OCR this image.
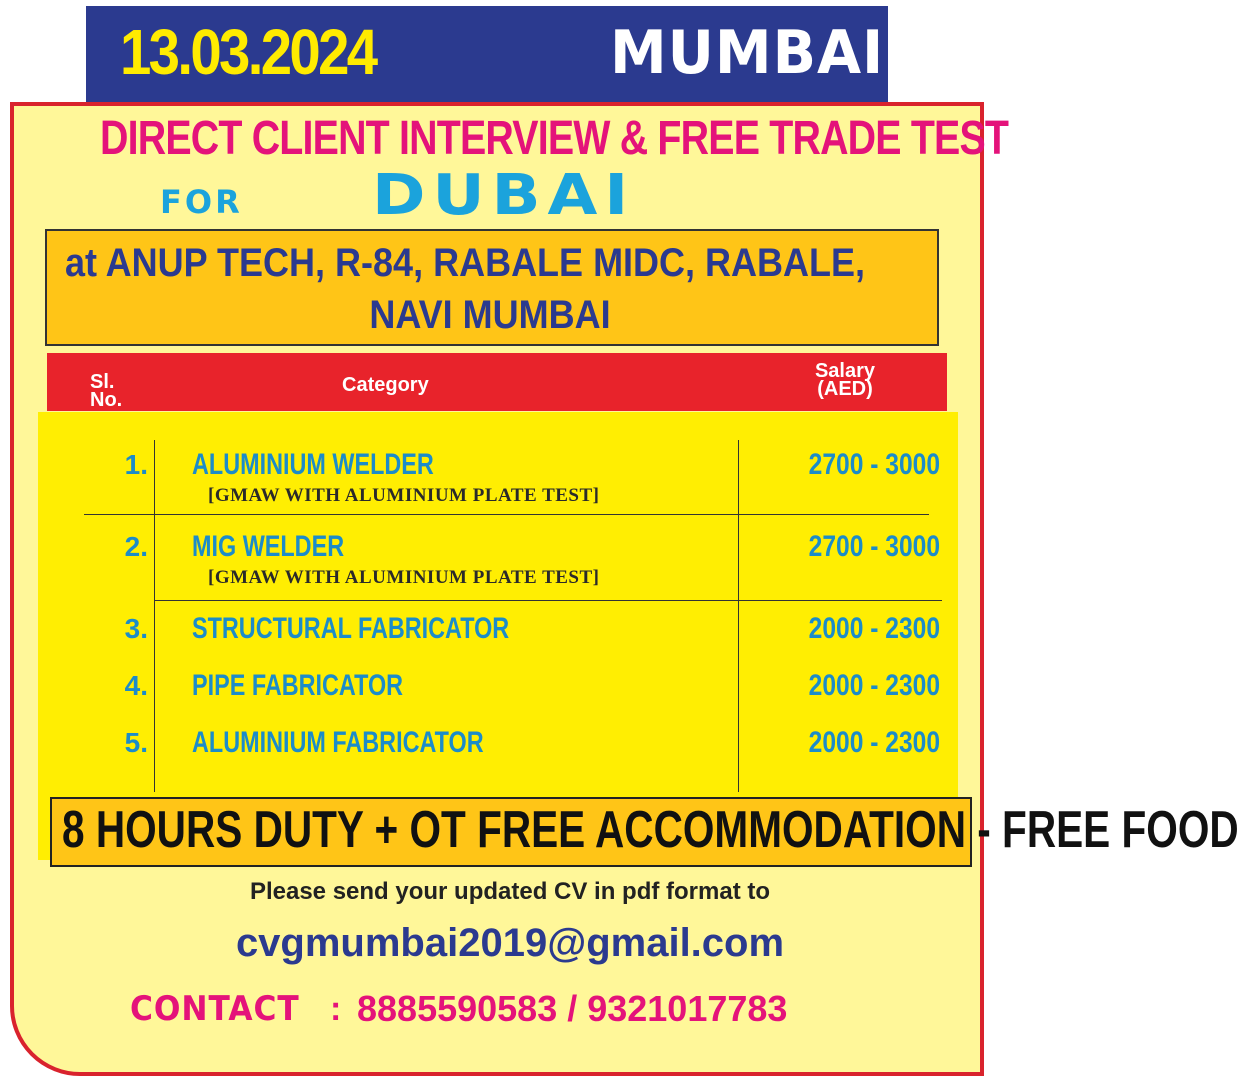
13.03.2024	MUMBAI
DIRECT CLIENT INTERVIEW & FREE TRADE TEST
FOR DUBAI
at ANUP TECH, R-84, RABALE MIDC, RABALE,
NAVI MUMBAI
Sl. No.
Category
Salary (AED)
1. ALUMINIUM WELDER	2700 - 3000
[GMAW WITH ALUMINIUM PLATE TEST]
2. MIG WELDER	2700 - 3000
[GMAW WITH ALUMINIUM PLATE TEST]
3. STRUCTURAL FABRICATOR	2000 - 2300
4. PIPE FABRICATOR	2000 - 2300
5. ALUMINIUM FABRICATOR	2000 - 2300
8 HOURS DUTY + OT FREE ACCOMMODATION - FREE FOOD
Please send your updated CV in pdf format to
cvgmumbai2019@gmail.com
CONTACT : 8885590583 / 9321017783
